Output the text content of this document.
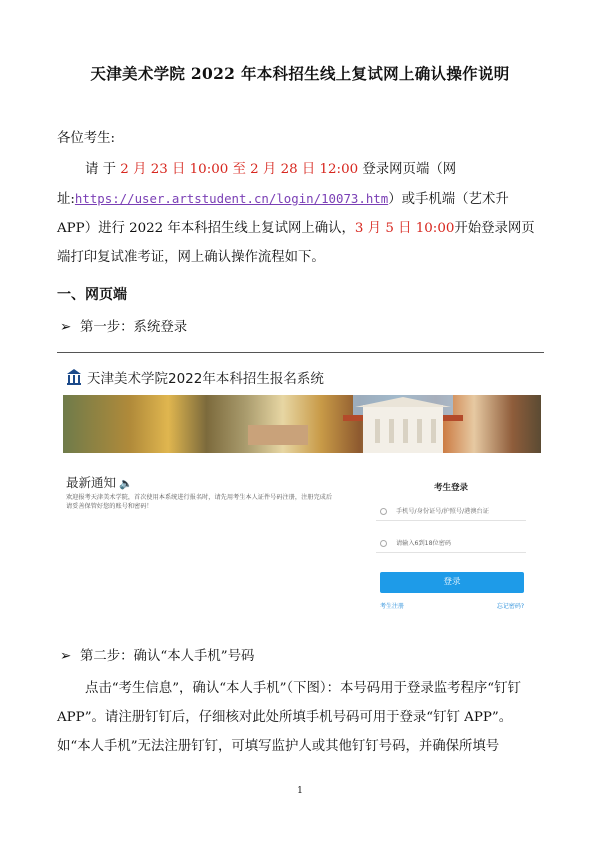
天津美术学院 2022 年本科招生线上复试网上确认操作说明
各位考生:
请 于 2 月 23 日 10:00 至 2 月 28 日 12:00 登录网页端（网址:https://user.artstudent.cn/login/10073.htm）或手机端（艺术升 APP）进行 2022 年本科招生线上复试网上确认，3 月 5 日 10:00开始登录网页端打印复试准考证，网上确认操作流程如下。
一、网页端
➢ 第一步：系统登录
天津美术学院2022年本科招生报名系统
最新通知 🔈
欢迎报考天津美术学院，首次使用本系统进行报名时，请先用考生本人证件号码注册，注册完成后请妥善保管好您的账号和密码！
考生登录
手机号/身份证号/护照号/港澳台证
请输入6到18位密码
登录
考生注册	忘记密码?
➢ 第二步：确认“本人手机”号码
点击“考生信息”，确认“本人手机”（下图）：本号码用于登录监考程序“钉钉 APP”。请注册钉钉后，仔细核对此处所填手机号码可用于登录“钉钉 APP”。如“本人手机”无法注册钉钉，可填写监护人或其他钉钉号码，并确保所填号
1
